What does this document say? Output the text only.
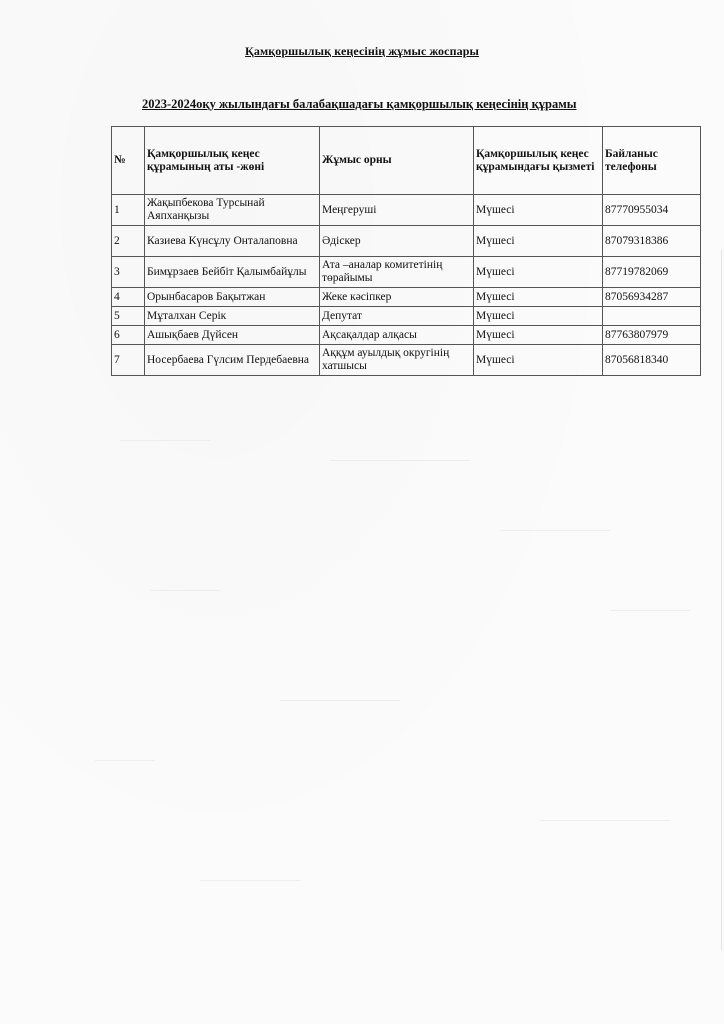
Қамқоршылық кеңесінің жұмыс жоспары
2023-2024оқу жылындағы балабақшадағы қамқоршылық кеңесінің құрамы
№	Қамқоршылық кеңес құрамының аты -жөні	Жұмыс орны	Қамқоршылық кеңес құрамындағы қызметі	Байланыс телефоны
1	Жақыпбекова Турсынай Аяпханқызы	Меңгеруші	Мүшесі	87770955034
2	Казиева Күнсұлу Онталаповна	Әдіскер	Мүшесі	87079318386
3	Бимұрзаев Бейбіт Қалымбайұлы	Ата –аналар комитетінің төрайымы	Мүшесі	87719782069
4	Орынбасаров Бақытжан	Жеке кәсіпкер	Мүшесі	87056934287
5	Мұталхан Серік	Депутат	Мүшесі	
6	Ашықбаев Дүйсен	Ақсақалдар алқасы	Мүшесі	87763807979
7	Носербаева Гүлсим Пердебаевна	Аққұм ауылдық округінің хатшысы	Мүшесі	87056818340
